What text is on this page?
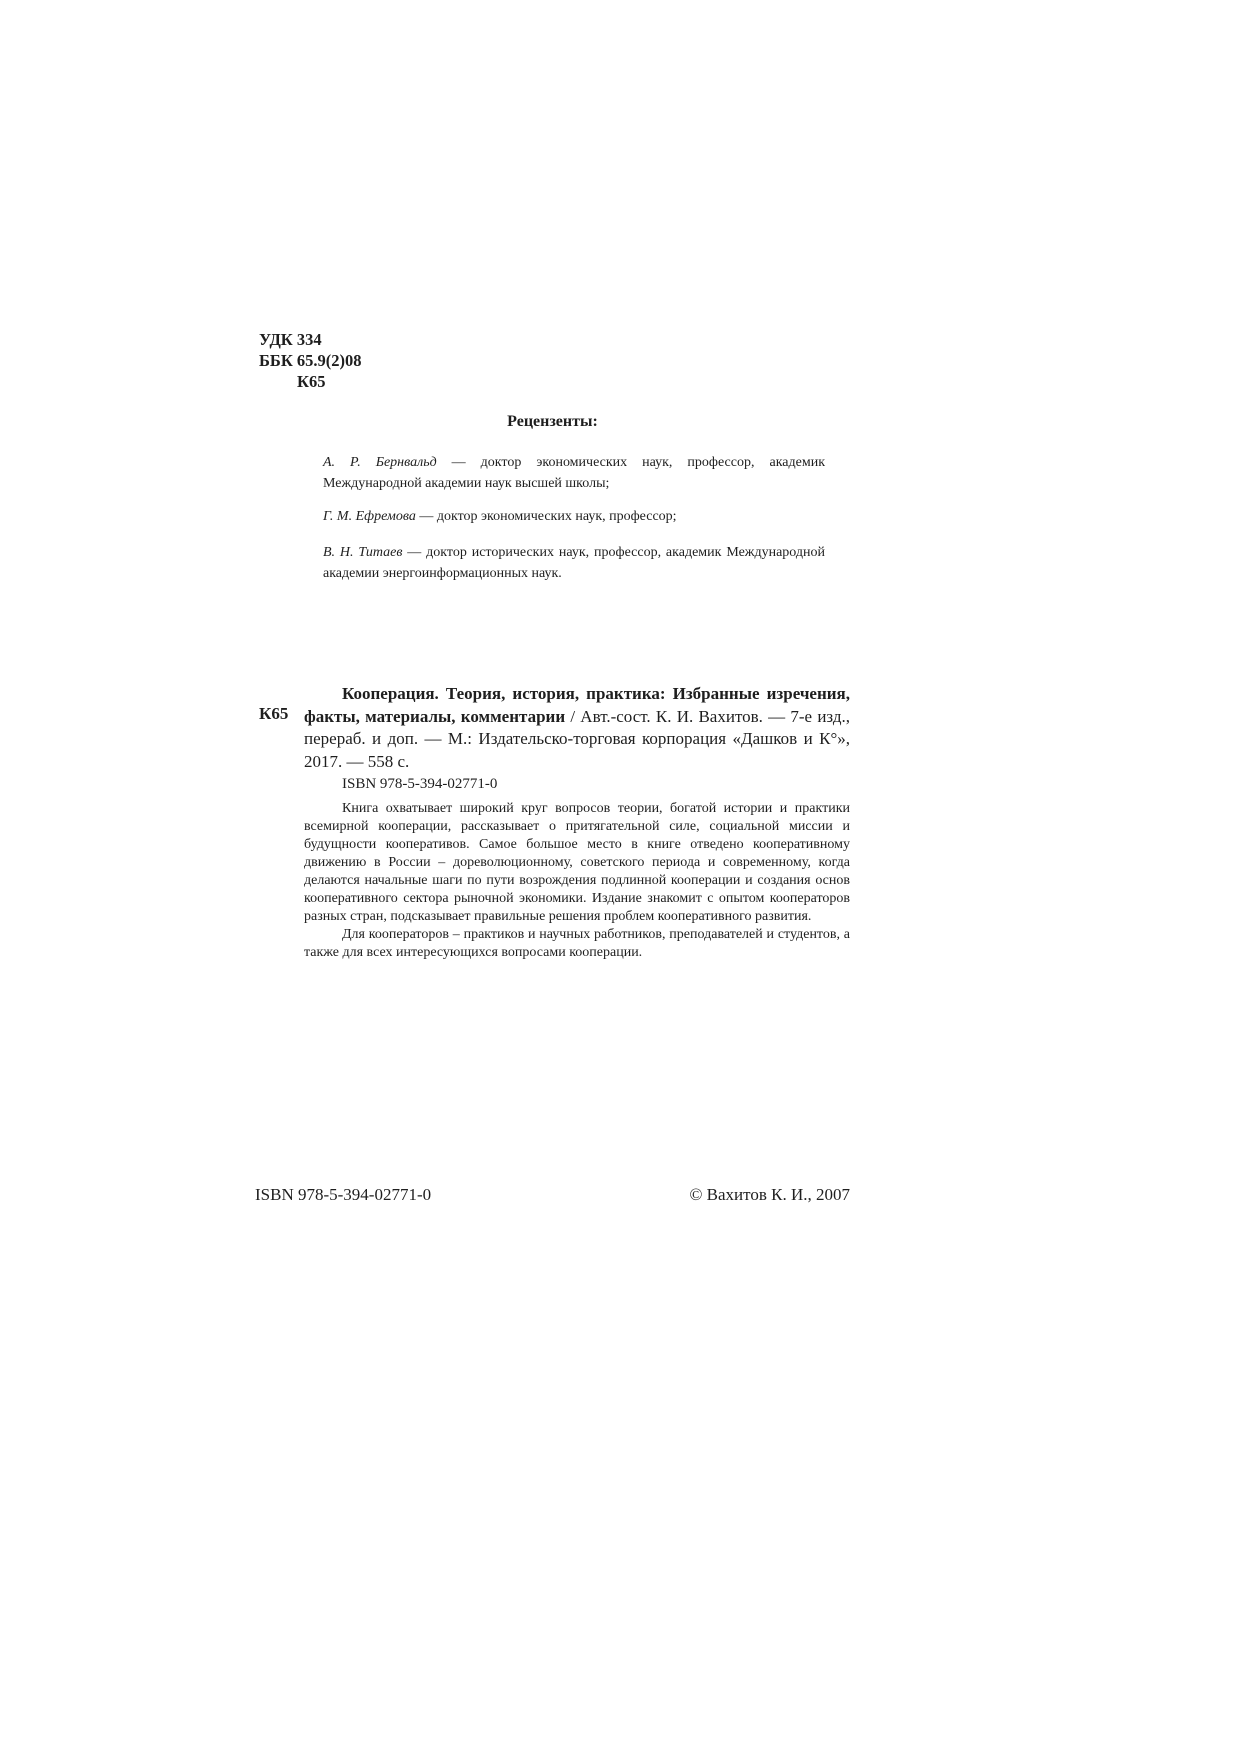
УДК 334
ББК 65.9(2)08
К65
Рецензенты:
А. Р. Бернвальд — доктор экономических наук, профессор, академик Международной академии наук высшей школы;
Г. М. Ефремова — доктор экономических наук, профессор;
В. Н. Титаев — доктор исторических наук, профессор, академик Международной академии энергоинформационных наук.
К65
Кооперация. Теория, история, практика: Избранные изречения, факты, материалы, комментарии / Авт.-сост. К. И. Вахитов. — 7-е изд., перераб. и доп. — М.: Издательско-торговая корпорация «Дашков и К°», 2017. — 558 с.
ISBN 978-5-394-02771-0

Книга охватывает широкий круг вопросов теории, богатой истории и практики всемирной кооперации, рассказывает о притягательной силе, социальной миссии и будущности кооперативов. Самое большое место в книге отведено кооперативному движению в России – дореволюционному, советского периода и современному, когда делаются начальные шаги по пути возрождения подлинной кооперации и создания основ кооперативного сектора рыночной экономики. Издание знакомит с опытом кооператоров разных стран, подсказывает правильные решения проблем кооперативного развития.

Для кооператоров – практиков и научных работников, преподавателей и студентов, а также для всех интересующихся вопросами кооперации.

ISBN 978-5-394-02771-0	© Вахитов К. И., 2007
